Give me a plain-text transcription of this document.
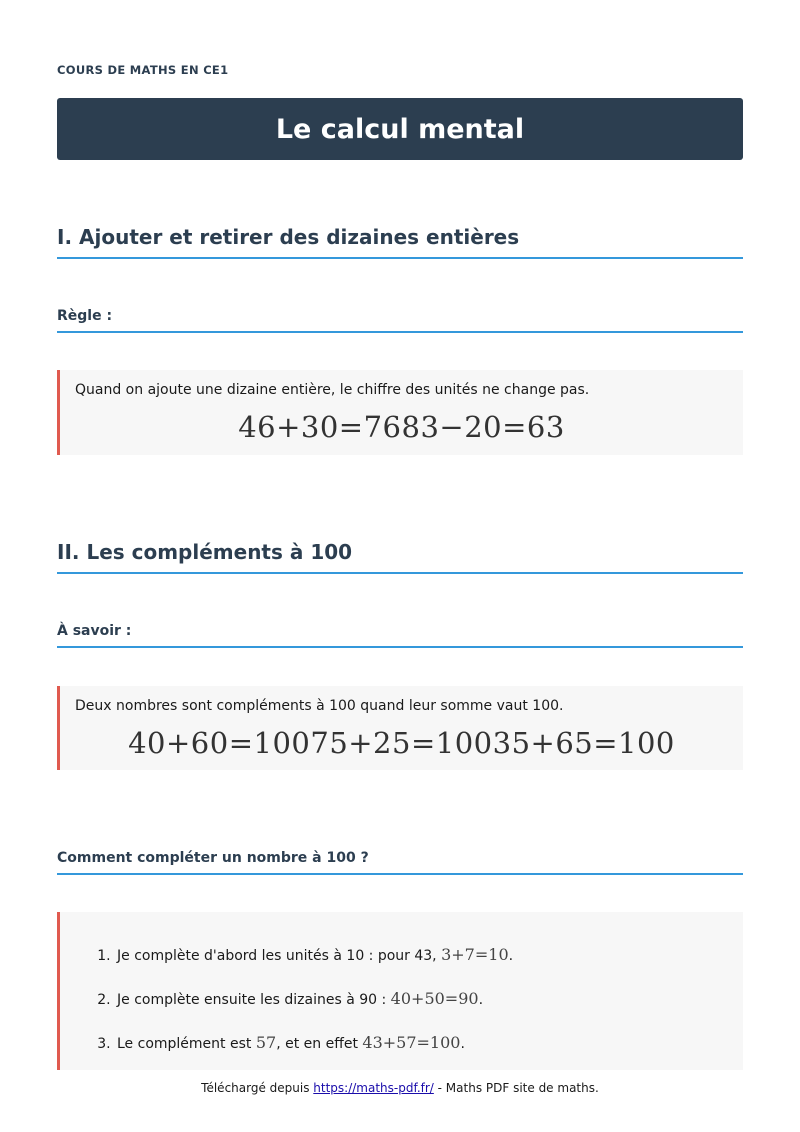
COURS DE MATHS EN CE1
Le calcul mental
I. Ajouter et retirer des dizaines entières
Règle :

Quand on ajoute une dizaine entière, le chiffre des unités ne change pas.

46+30=7683−20=63
II. Les compléments à 100
À savoir :

Deux nombres sont compléments à 100 quand leur somme vaut 100.

40+60=10075+25=10035+65=100
Comment compléter un nombre à 100 ?
1. Je complète d'abord les unités à 10 : pour 43, 3+7=10.
2. Je complète ensuite les dizaines à 90 : 40+50=90.
3. Le complément est 57, et en effet 43+57=100.
Téléchargé depuis https://maths-pdf.fr/ - Maths PDF site de maths.
